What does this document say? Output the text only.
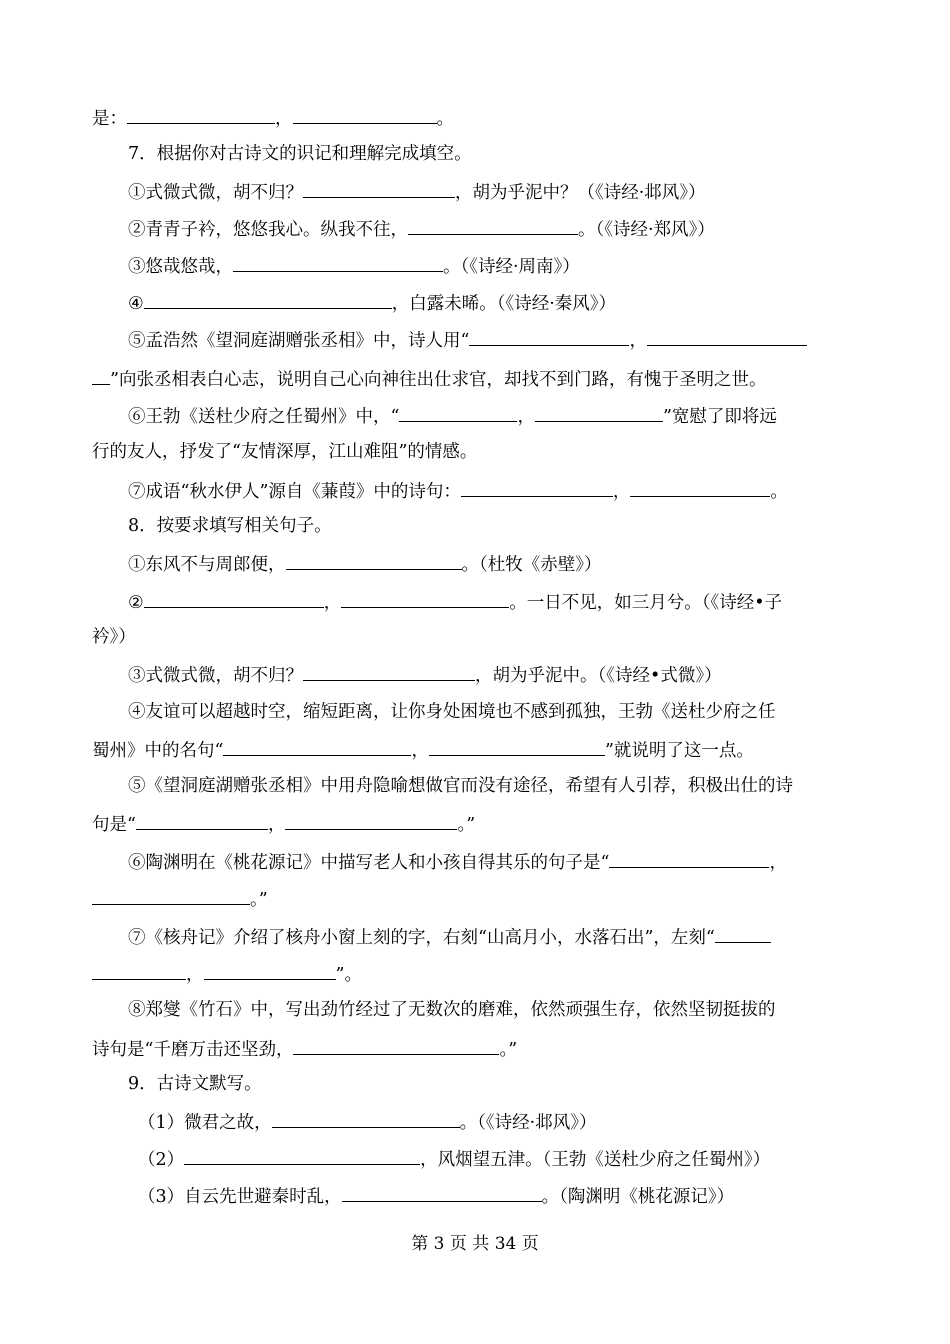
是：	，	。
7．根据你对古诗文的识记和理解完成填空。
①式微式微，胡不归？	，胡为乎泥中？（《诗经·邶风》）
②青青子衿，悠悠我心。纵我不往，	。（《诗经·郑风》）
③悠哉悠哉，	。（《诗经·周南》）
④	，白露未晞。（《诗经·秦风》）
⑤孟浩然《望洞庭湖赠张丞相》中，诗人用“	，
”向张丞相表白心志，说明自己心向神往出仕求官，却找不到门路，有愧于圣明之世。
⑥王勃《送杜少府之任蜀州》中，“	，	”宽慰了即将远
行的友人，抒发了“友情深厚，江山难阻”的情感。
⑦成语“秋水伊人”源自《蒹葭》中的诗句：	，	。
8．按要求填写相关句子。
①东风不与周郎便，	。（杜牧《赤壁》）
②	，	。一日不见，如三月兮。（《诗经•子
衿》）
③式微式微，胡不归？	，胡为乎泥中。（《诗经•式微》）
④友谊可以超越时空，缩短距离，让你身处困境也不感到孤独，王勃《送杜少府之任
蜀州》中的名句“	，	”就说明了这一点。
⑤《望洞庭湖赠张丞相》中用舟隐喻想做官而没有途径，希望有人引荐，积极出仕的诗
句是“	，	。”
⑥陶渊明在《桃花源记》中描写老人和小孩自得其乐的句子是“	，
。”
⑦《核舟记》介绍了核舟小窗上刻的字，右刻“山高月小，水落石出”，左刻“
，	”。
⑧郑燮《竹石》中，写出劲竹经过了无数次的磨难，依然顽强生存，依然坚韧挺拔的
诗句是“千磨万击还坚劲，	。”
9．古诗文默写。
（1）微君之故，	。（《诗经·邶风》）
（2）	，风烟望五津。（王勃《送杜少府之任蜀州》）
（3）自云先世避秦时乱，	。（陶渊明《桃花源记》）
第 3 页 共 34 页
